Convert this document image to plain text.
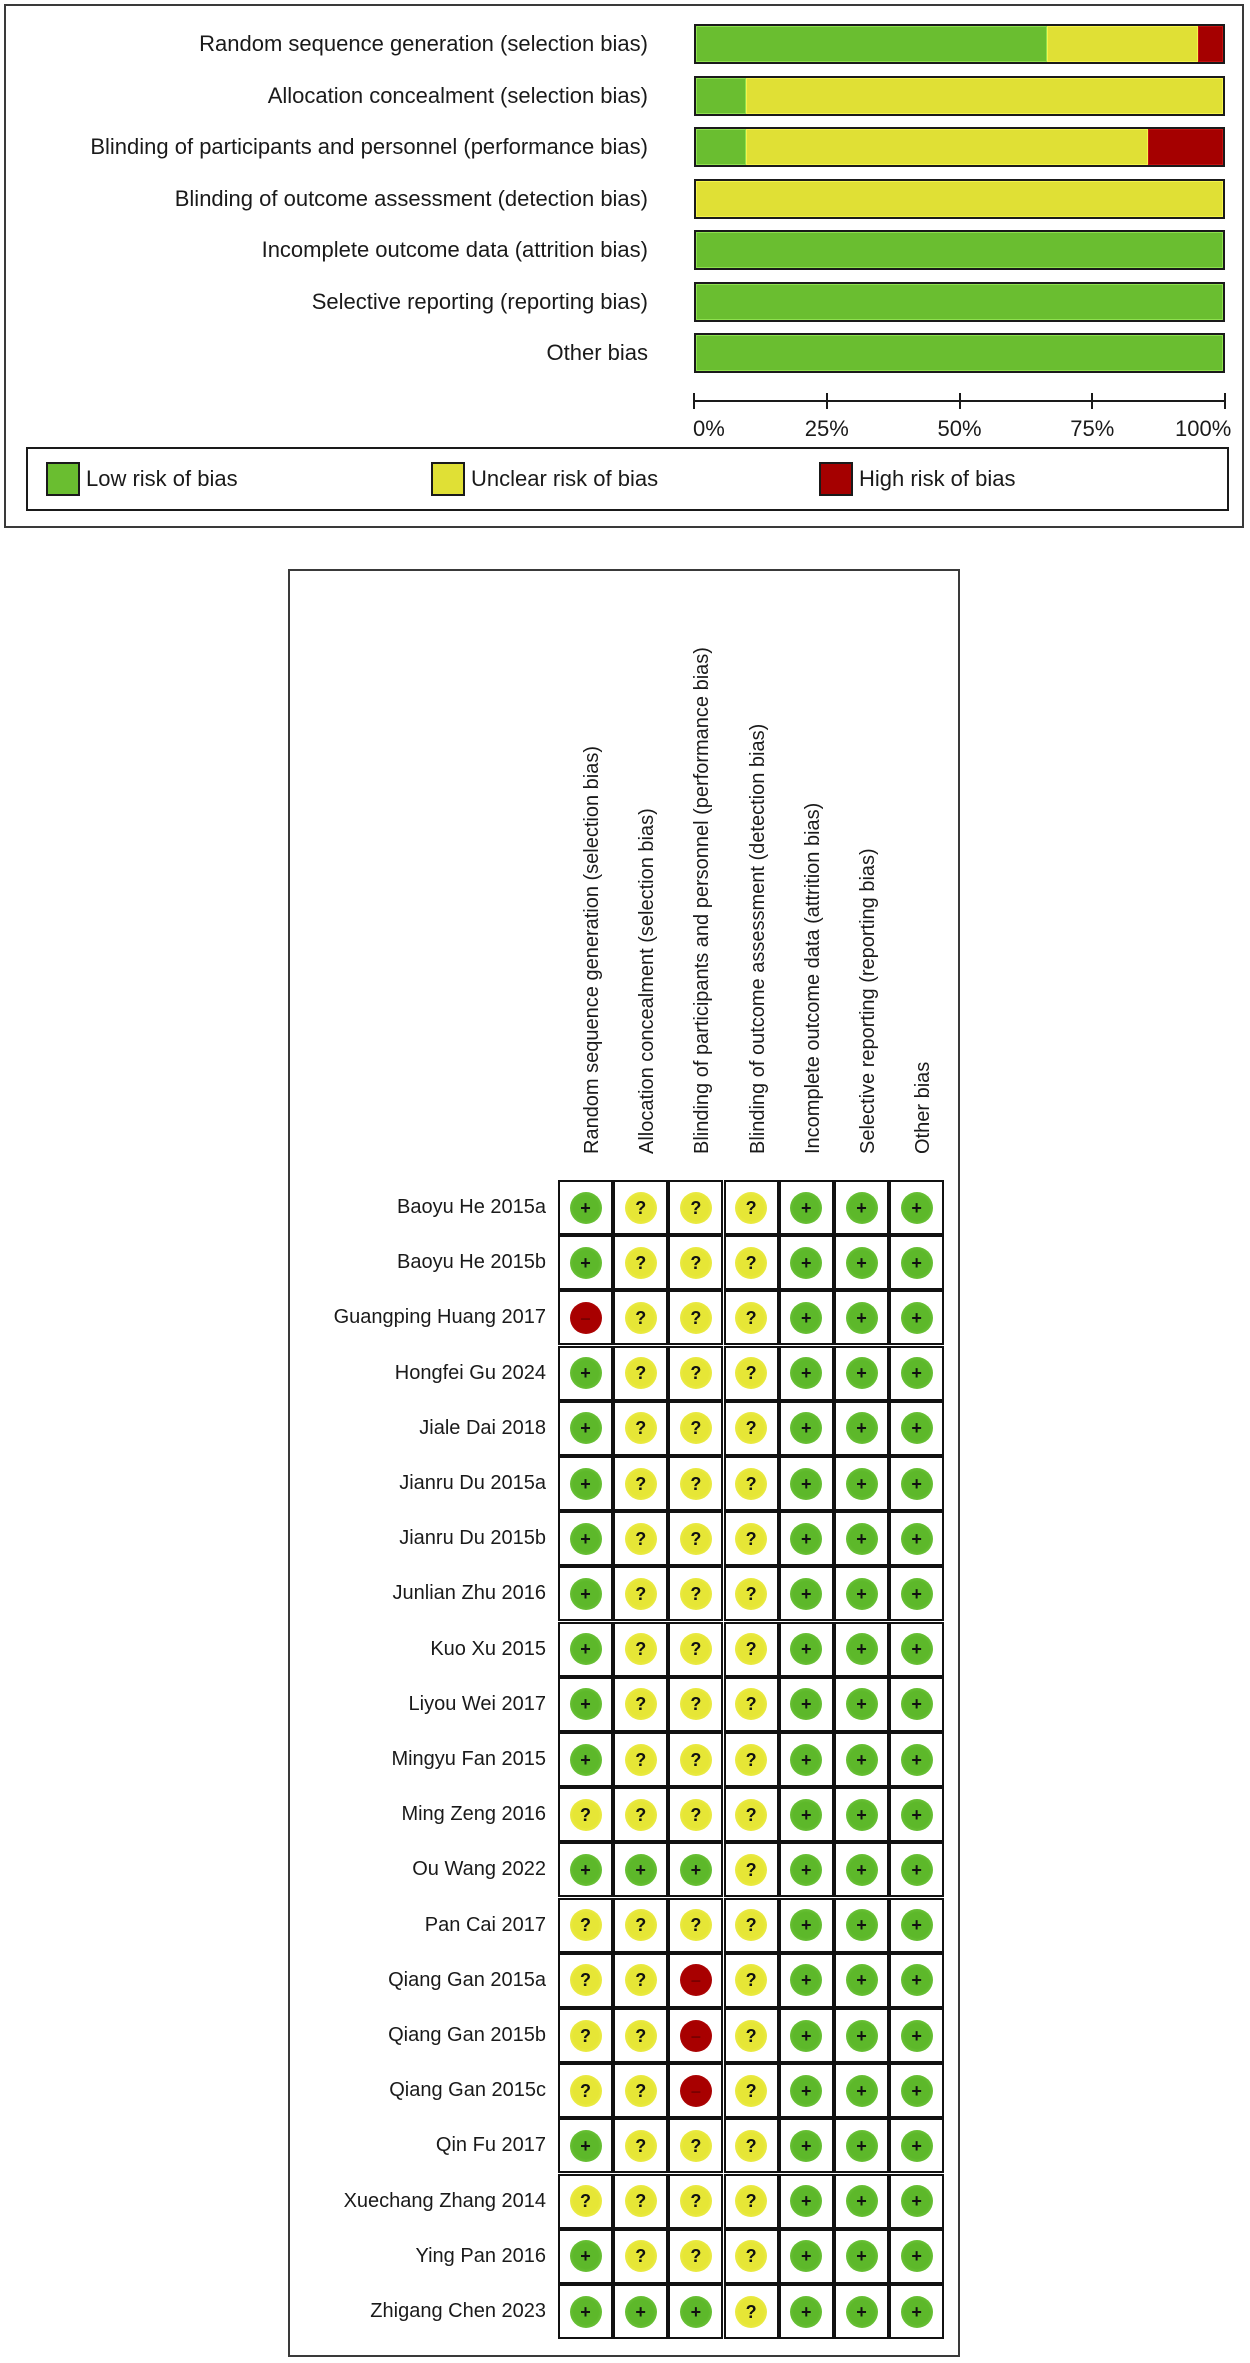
Random sequence generation (selection bias)
Allocation concealment (selection bias)
Blinding of participants and personnel (performance bias)
Blinding of outcome assessment (detection bias)
Incomplete outcome data (attrition bias)
Selective reporting (reporting bias)
Other bias
0%	25%	50%	75%	100%
Low risk of bias	Unclear risk of bias	High risk of bias
Random sequence generation (selection bias) Allocation concealment (selection bias) Blinding of participants and personnel (performance bias) Blinding of outcome assessment (detection bias) Incomplete outcome data (attrition bias) Selective reporting (reporting bias) Other bias
Baoyu He 2015a	+	?	?	?	+	+	+
Baoyu He 2015b	+	?	?	?	+	+	+
Guangping Huang 2017	–	?	?	?	+	+	+
Hongfei Gu 2024	+	?	?	?	+	+	+
Jiale Dai 2018	+	?	?	?	+	+	+
Jianru Du 2015a	+	?	?	?	+	+	+
Jianru Du 2015b	+	?	?	?	+	+	+
Junlian Zhu 2016	+	?	?	?	+	+	+
Kuo Xu 2015	+	?	?	?	+	+	+
Liyou Wei 2017	+	?	?	?	+	+	+
Mingyu Fan 2015	+	?	?	?	+	+	+
Ming Zeng 2016	?	?	?	?	+	+	+
Ou Wang 2022	+	+	+	?	+	+	+
Pan Cai 2017	?	?	?	?	+	+	+
Qiang Gan 2015a	?	?	–	?	+	+	+
Qiang Gan 2015b	?	?	–	?	+	+	+
Qiang Gan 2015c	?	?	–	?	+	+	+
Qin Fu 2017	+	?	?	?	+	+	+
Xuechang Zhang 2014	?	?	?	?	+	+	+
Ying Pan 2016	+	?	?	?	+	+	+
Zhigang Chen 2023	+	+	+	?	+	+	+
